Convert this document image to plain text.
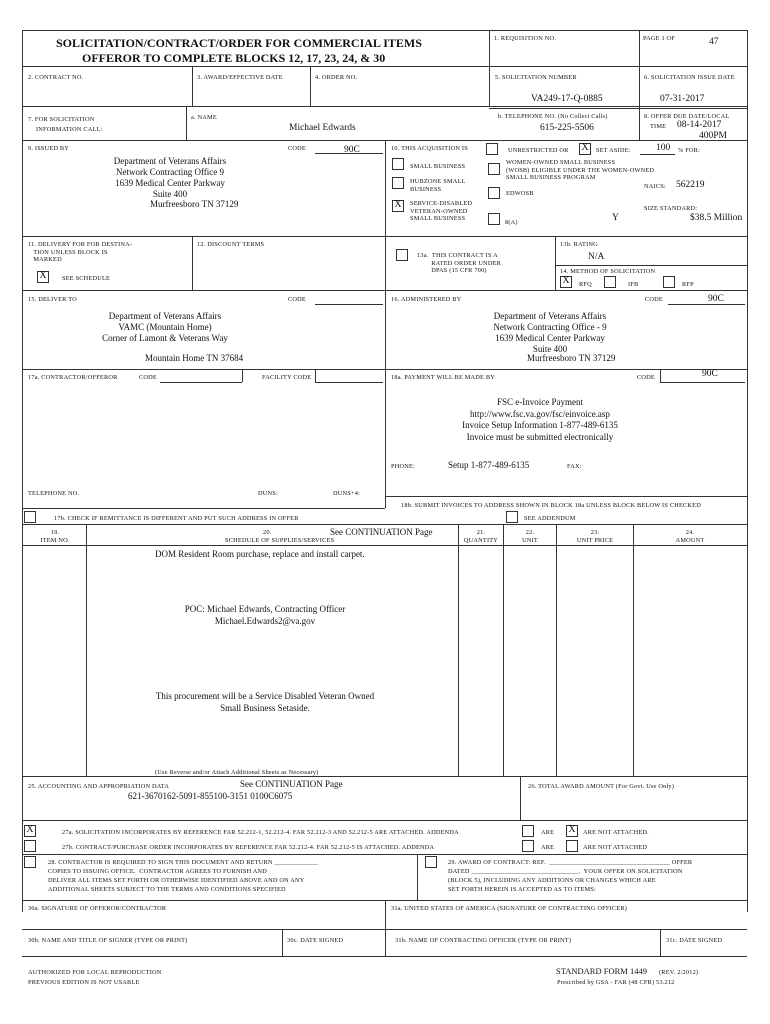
SOLICITATION/CONTRACT/ORDER FOR COMMERCIAL ITEMS
OFFEROR TO COMPLETE BLOCKS 12, 17, 23, 24, & 30
1. REQUISITION NO.	PAGE 1 OF	47
2. CONTRACT NO.	3. AWARD/EFFECTIVE DATE	4. ORDER NO.	5. SOLICITATION NUMBER
VA249-17-Q-0885
6. SOLICITATION ISSUE DATE
07-31-2017
7. FOR SOLICITATION
INFORMATION CALL:
a. NAME
Michael Edwards
b. TELEPHONE NO. (No Collect Calls)
615-225-5506
8. OFFER DUE DATE/LOCAL
TIME 08-14-2017
400PM
9. ISSUED BY	CODE	90C
Department of Veterans Affairs
Network Contracting Office 9
1639 Medical Center Parkway
Suite 400
Murfreesboro TN 37129
10. THIS ACQUISITION IS	UNRESTRICTED OR X SET ASIDE:	100 % FOR:
SMALL BUSINESS
HUBZONE SMALL
BUSINESS
X SERVICE-DISABLED
VETERAN-OWNED
SMALL BUSINESS
WOMEN-OWNED SMALL BUSINESS
(WOSB) ELIGIBLE UNDER THE WOMEN-OWNED
SMALL BUSINESS PROGRAM
EDWOSB
8(A)	Y
NAICS: 562219
SIZE STANDARD:
$38.5 Million
11. DELIVERY FOR FOB DESTINA-
TION UNLESS BLOCK IS
MARKED
X SEE SCHEDULE
12. DISCOUNT TERMS
13a.  THIS CONTRACT IS A
RATED ORDER UNDER
DPAS (15 CFR 700)
13b. RATING
N/A
14. METHOD OF SOLICITATION
X RFQ	IFB	RFP
15. DELIVER TO	CODE
Department of Veterans Affairs
VAMC (Mountain Home)
Corner of Lamont & Veterans Way
Mountain Home TN 37684
16. ADMINISTERED BY	CODE	90C
Department of Veterans Affairs
Network Contracting Office - 9
1639 Medical Center Parkway
Suite 400
Murfreesboro TN 37129
17a. CONTRACTOR/OFFEROR	CODE	FACILITY CODE	18a. PAYMENT WILL BE MADE BY	CODE	90C
FSC e-Invoice Payment
http://www.fsc.va.gov/fsc/einvoice.asp
Invoice Setup Information 1-877-489-6135
Invoice must be submitted electronically
PHONE:	Setup 1-877-489-6135	FAX:
TELEPHONE NO.	DUNS:	DUNS+4:
18b. SUBMIT INVOICES TO ADDRESS SHOWN IN BLOCK 18a UNLESS BLOCK BELOW IS CHECKED
17b. CHECK IF REMITTANCE IS DIFFERENT AND PUT SUCH ADDRESS IN OFFER	SEE ADDENDUM
19.
ITEM NO.
20.
SCHEDULE OF SUPPLIES/SERVICES
See CONTINUATION Page	21.
QUANTITY
22.
UNIT
23.
UNIT PRICE
24.
AMOUNT
DOM Resident Room purchase, replace and install carpet.
POC: Michael Edwards, Contracting Officer
Michael.Edwards2@va.gov
This procurement will be a Service Disabled Veteran Owned
Small Business Setaside.
(Use Reverse and/or Attach Additional Sheets as Necessary)
25. ACCOUNTING AND APPROPRIATION DATA	See CONTINUATION Page
621-3670162-5091-855100-3151 0100C6075
26. TOTAL AWARD AMOUNT (For Govt. Use Only)
X	27a. SOLICITATION INCORPORATES BY REFERENCE FAR 52.212-1, 52.212-4. FAR 52.212-3 AND 52.212-5 ARE ATTACHED. ADDENDA	ARE X ARE NOT ATTACHED.
27b. CONTRACT/PURCHASE ORDER INCORPORATES BY REFERENCE FAR 52.212-4. FAR 52.212-5 IS ATTACHED. ADDENDA	ARE	ARE NOT ATTACHED
28. CONTRACTOR IS REQUIRED TO SIGN THIS DOCUMENT AND RETURN _____________
COPIES TO ISSUING OFFICE.  CONTRACTOR AGREES TO FURNISH AND
DELIVER ALL ITEMS SET FORTH OR OTHERWISE IDENTIFIED ABOVE AND ON ANY
ADDITIONAL SHEETS SUBJECT TO THE TERMS AND CONDITIONS SPECIFIED
29. AWARD OF CONTRACT: REF.  ____________________________________ OFFER
DATED ________________________________.  YOUR OFFER ON SOLICITATION
(BLOCK 5), INCLUDING ANY ADDITIONS OR CHANGES WHICH ARE
SET FORTH HEREIN IS ACCEPTED AS TO ITEMS:
30a. SIGNATURE OF OFFEROR/CONTRACTOR	31a. UNITED STATES OF AMERICA (SIGNATURE OF CONTRACTING OFFICER)
30b. NAME AND TITLE OF SIGNER (TYPE OR PRINT)	30c. DATE SIGNED	31b. NAME OF CONTRACTING OFFICER (TYPE OR PRINT)	31c. DATE SIGNED
AUTHORIZED FOR LOCAL REPRODUCTION
PREVIOUS EDITION IS NOT USABLE
STANDARD FORM 1449 (REV. 2/2012)
Prescribed by GSA - FAR (48 CFR) 53.212
